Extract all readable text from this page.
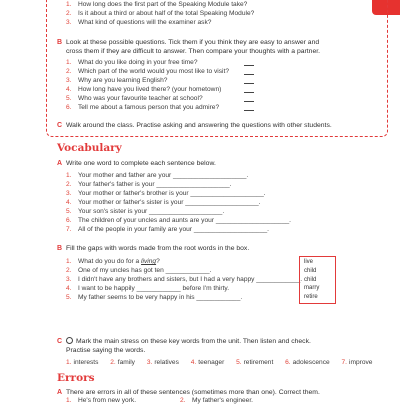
1. How long does the first part of the Speaking Module take?
2. Is it about a third or about half of the total Speaking Module?
3. What kind of questions will the examiner ask?
B Look at these possible questions. Tick them if you think they are easy to answer and
cross them if they are difficult to answer. Then compare your thoughts with a partner.
1. What do you like doing in your free time?
2. Which part of the world would you most like to visit?
3. Why are you learning English?
4. How long have you lived there? (your hometown)
5. Who was your favourite teacher at school?
6. Tell me about a famous person that you admire?
C Walk around the class. Practise asking and answering the questions with other students.
Vocabulary
A Write one word to complete each sentence below.
1. Your mother and father are your ____________________.
2. Your father's father is your ____________________.
3. Your mother or father's brother is your ____________________.
4. Your mother or father's sister is your ____________________.
5. Your son's sister is your ____________________.
6. The children of your uncles and aunts are your ____________________.
7. All of the people in your family are your ____________________.
B Fill the gaps with words made from the root words in the box.
1. What do you do for a living?
2. One of my uncles has got ten ____________.
3. I didn't have any brothers and sisters, but I had a very happy ____________.
4. I want to be happily ____________ before I'm thirty.
5. My father seems to be very happy in his ____________.
live
child
child
marry
retire
C	Mark the main stress on these key words from the unit. Then listen and check.
Practise saying the words.
1. interests 2. family 3. relatives 4. teenager 5. retirement 6. adolescence 7. improve
Errors
A There are errors in all of these sentences (sometimes more than one). Correct them.
1. He's from new york.	2. My father's engineer.
